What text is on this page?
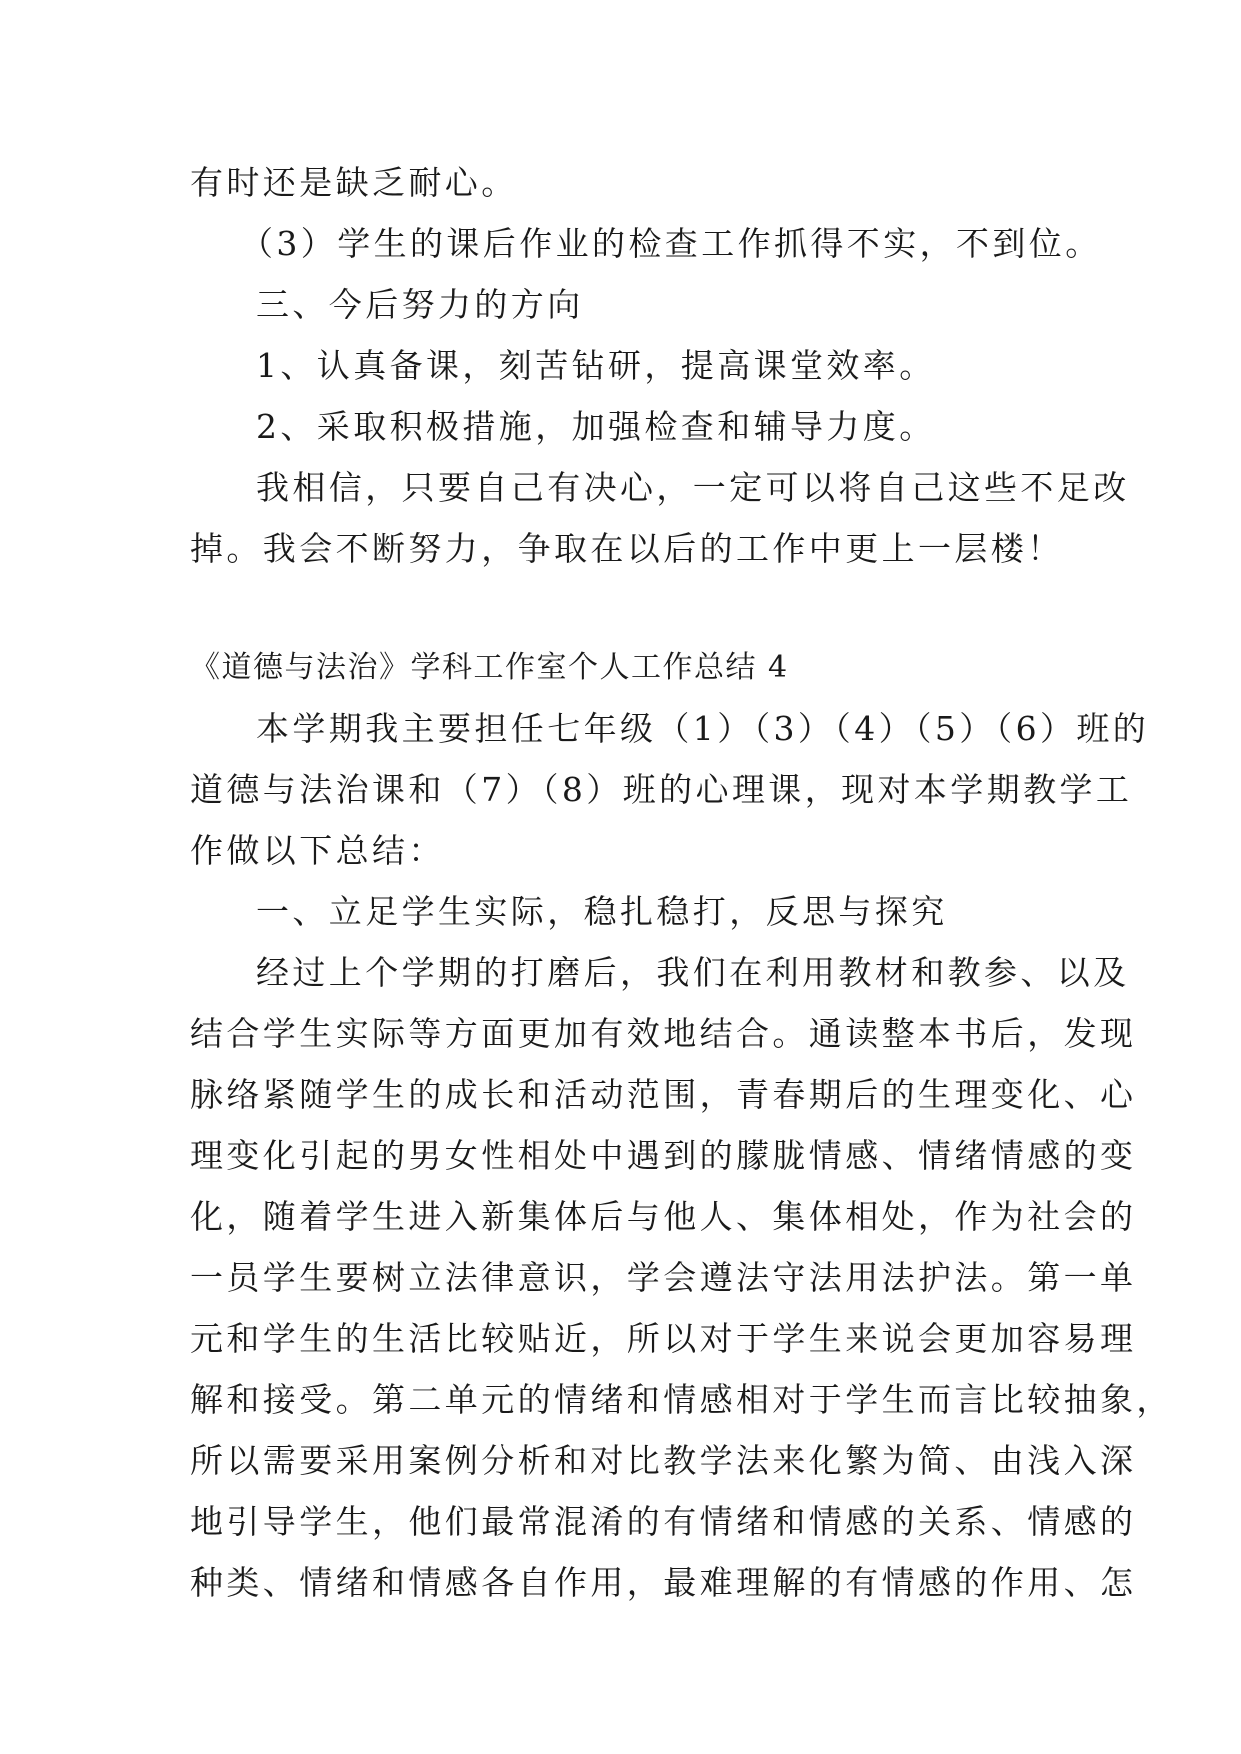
有时还是缺乏耐心。

（3）学生的课后作业的检查工作抓得不实，不到位。

三、今后努力的方向

1、认真备课，刻苦钻研，提高课堂效率。

2、采取积极措施，加强检查和辅导力度。

我相信，只要自己有决心，一定可以将自己这些不足改

掉。我会不断努力，争取在以后的工作中更上一层楼！

《道德与法治》学科工作室个人工作总结 4

本学期我主要担任七年级（1）（3）（4）（5）（6）班的

道德与法治课和（7）（8）班的心理课，现对本学期教学工

作做以下总结：

一、立足学生实际，稳扎稳打，反思与探究

经过上个学期的打磨后，我们在利用教材和教参、以及

结合学生实际等方面更加有效地结合。通读整本书后，发现

脉络紧随学生的成长和活动范围，青春期后的生理变化、心

理变化引起的男女性相处中遇到的朦胧情感、情绪情感的变

化，随着学生进入新集体后与他人、集体相处，作为社会的

一员学生要树立法律意识，学会遵法守法用法护法。第一单

元和学生的生活比较贴近，所以对于学生来说会更加容易理

解和接受。第二单元的情绪和情感相对于学生而言比较抽象，

所以需要采用案例分析和对比教学法来化繁为简、由浅入深

地引导学生，他们最常混淆的有情绪和情感的关系、情感的

种类、情绪和情感各自作用，最难理解的有情感的作用、怎
